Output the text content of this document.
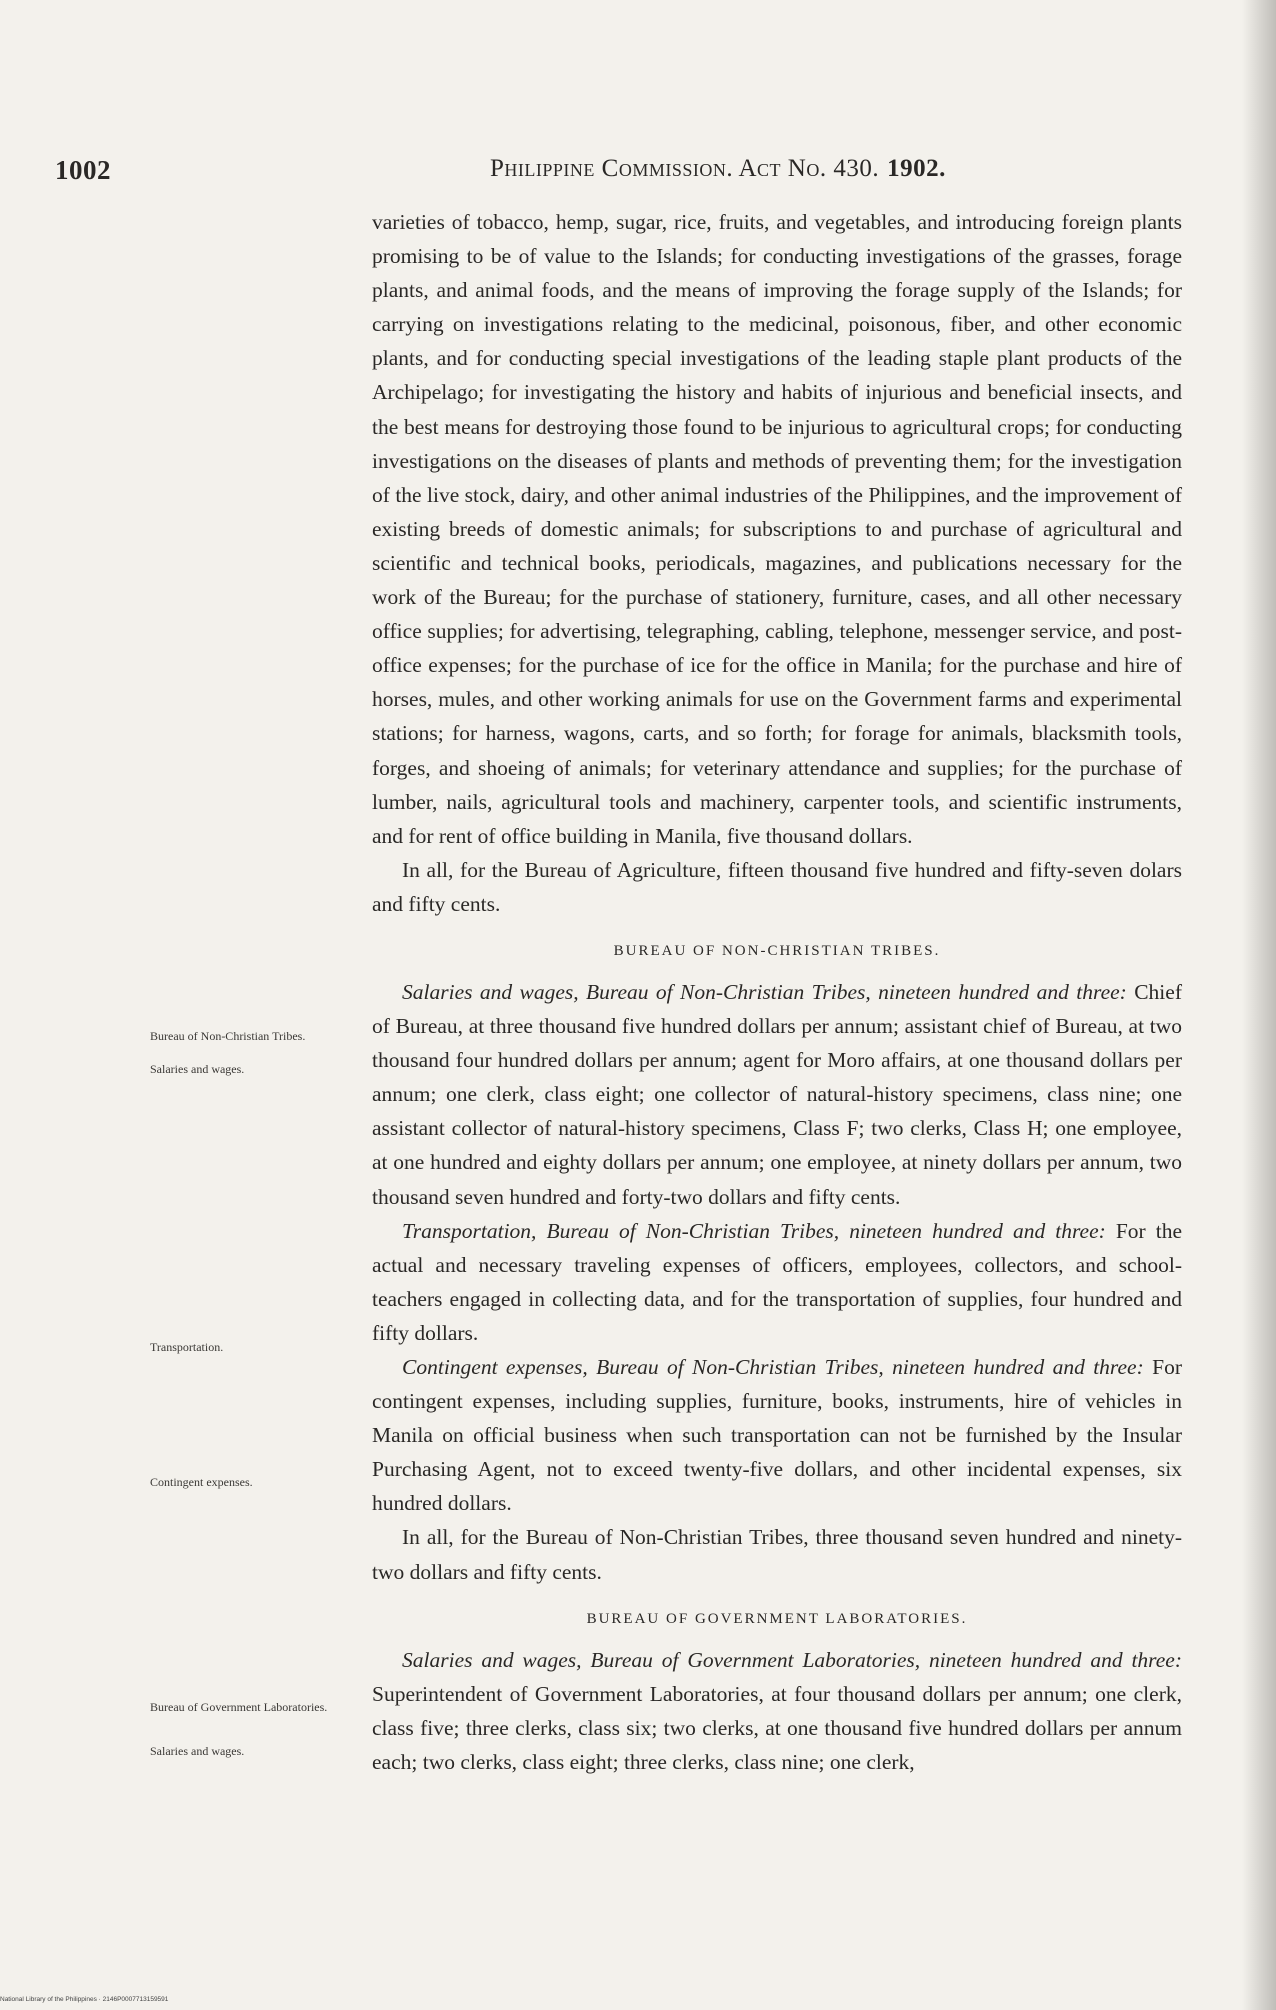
1002	Philippine Commission. Act No. 430. 1902.

varieties of tobacco, hemp, sugar, rice, fruits, and vegetables, and introducing foreign plants promising to be of value to the Islands; for conducting investigations of the grasses, forage plants, and animal foods, and the means of improving the forage supply of the Islands; for carrying on investigations relating to the medicinal, poisonous, fiber, and other economic plants, and for conducting special investigations of the leading staple plant products of the Archipelago; for investigating the history and habits of injurious and beneficial insects, and the best means for destroying those found to be injurious to agricultural crops; for conducting investigations on the diseases of plants and methods of preventing them; for the investigation of the live stock, dairy, and other animal industries of the Philippines, and the improvement of existing breeds of domestic animals; for subscriptions to and purchase of agricultural and scientific and technical books, periodicals, magazines, and publications necessary for the work of the Bureau; for the purchase of stationery, furniture, cases, and all other necessary office supplies; for advertising, telegraphing, cabling, telephone, messenger service, and post-office expenses; for the purchase of ice for the office in Manila; for the purchase and hire of horses, mules, and other working animals for use on the Government farms and experimental stations; for harness, wagons, carts, and so forth; for forage for animals, blacksmith tools, forges, and shoeing of animals; for veterinary attendance and supplies; for the purchase of lumber, nails, agricultural tools and machinery, carpenter tools, and scientific instruments, and for rent of office building in Manila, five thousand dollars.

In all, for the Bureau of Agriculture, fifteen thousand five hundred and fifty-seven dolars and fifty cents.

BUREAU OF NON-CHRISTIAN TRIBES.

Salaries and wages, Bureau of Non-Christian Tribes, nineteen hundred and three: Chief of Bureau, at three thousand five hundred dollars per annum; assistant chief of Bureau, at two thousand four hundred dollars per annum; agent for Moro affairs, at one thousand dollars per annum; one clerk, class eight; one collector of natural-history specimens, class nine; one assistant collector of natural-history specimens, Class F; two clerks, Class H; one employee, at one hundred and eighty dollars per annum; one employee, at ninety dollars per annum, two thousand seven hundred and forty-two dollars and fifty cents.

Transportation, Bureau of Non-Christian Tribes, nineteen hundred and three: For the actual and necessary traveling expenses of officers, employees, collectors, and school-teachers engaged in collecting data, and for the transportation of supplies, four hundred and fifty dollars.

Contingent expenses, Bureau of Non-Christian Tribes, nineteen hundred and three: For contingent expenses, including supplies, furniture, books, instruments, hire of vehicles in Manila on official business when such transportation can not be furnished by the Insular Purchasing Agent, not to exceed twenty-five dollars, and other incidental expenses, six hundred dollars.

In all, for the Bureau of Non-Christian Tribes, three thousand seven hundred and ninety-two dollars and fifty cents.

BUREAU OF GOVERNMENT LABORATORIES.

Salaries and wages, Bureau of Government Laboratories, nineteen hundred and three: Superintendent of Government Laboratories, at four thousand dollars per annum; one clerk, class five; three clerks, class six; two clerks, at one thousand five hundred dollars per annum each; two clerks, class eight; three clerks, class nine; one clerk,

Bureau of Non-Christian Tribes.
Salaries and wages.
Transportation.
Contingent expenses.
Bureau of Government Laboratories.
Salaries and wages.
National Library of the Philippines · 2146P0007713159591
